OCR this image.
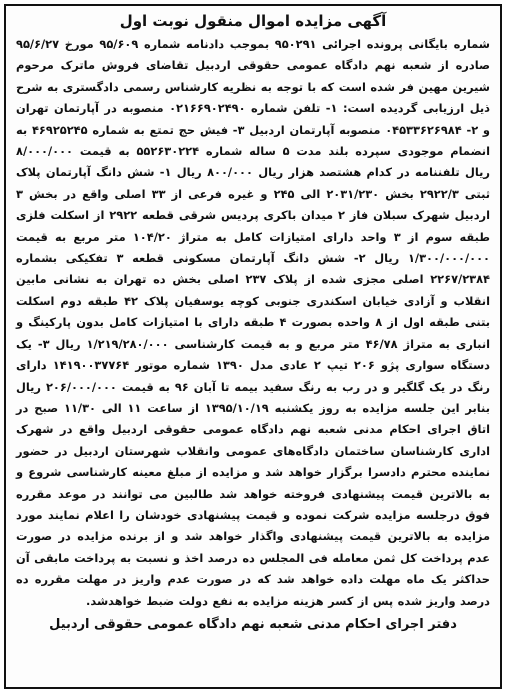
آگهی مزایده اموال منقول نوبت اول

شماره بایگانی پرونده اجرائی ۹۵۰۲۹۱ بموجب دادنامه شماره ۹۵/۶۰۹ مورخ ۹۵/۶/۲۷ صادره از شعبه نهم دادگاه عمومی حقوقی اردبیل تقاضای فروش ماترک مرحوم شیرین مهین فر شده است که با توجه به نظریه کارشناس رسمی دادگستری به شرح ذیل ارزیابی گردیده است: ۱- تلفن شماره ۰۲۱۶۶۹۰۲۴۹۰ منصوبه در آپارتمان تهران و ۲- ۰۴۵۳۳۶۲۶۹۸۴ منصوبه آپارتمان اردبیل ۳- فیش حج تمتع به شماره ۴۶۹۲۵۲۴۵ به انضمام موجودی سپرده بلند مدت ۵ ساله شماره ۵۵۲۶۳۰۲۲۴ به قیمت ۸/۰۰۰/۰۰۰ ریال تلفننامه در کدام هشتصد هزار ریال ۸۰۰/۰۰۰ ریال ۱- شش دانگ آپارتمان پلاک ثبتی ۲۹۲۲/۳ بخش ۲۰۳۱/۲۳۰ الی ۲۴۵ و غیره فرعی از ۳۳ اصلی واقع در بخش ۳ اردبیل شهرک سبلان فاز ۲ میدان باکری پردیس شرقی قطعه ۲۹۲۲ از اسکلت فلزی طبقه سوم از ۳ واحد دارای امتیازات کامل به متراژ ۱۰۴/۲۰ متر مربع به قیمت ۱/۳۰۰/۰۰۰/۰۰۰ ریال ۲- شش دانگ آپارتمان مسکونی قطعه ۳ تفکیکی بشماره ۲۲۶۷/۲۳۸۴ اصلی مجزی شده از پلاک ۲۳۷ اصلی بخش ده تهران به نشانی مابین انقلاب و آزادی خیابان اسکندری جنوبی کوچه یوسفیان پلاک ۴۲ طبقه دوم اسکلت بتنی طبقه اول از ۸ واحده بصورت ۴ طبقه دارای با امتیازات کامل بدون پارکینگ و انباری به متراژ ۴۶/۷۸ متر مربع و به قیمت کارشناسی ۱/۲۱۹/۲۸۰/۰۰۰ ریال ۳- یک دستگاه سواری پژو ۲۰۶ تیپ ۲ عادی مدل ۱۳۹۰ شماره موتور ۱۴۱۹۰۰۳۷۷۶۴ دارای رنگ در یک گلگیر و در رب به رنگ سفید بیمه تا آبان ۹۶ به قیمت ۲۰۶/۰۰۰/۰۰۰ ریال بنابر این جلسه مزایده به روز یکشنبه ۱۳۹۵/۱۰/۱۹ از ساعت ۱۱ الی ۱۱/۳۰ صبح در اتاق اجرای احکام مدنی شعبه نهم دادگاه عمومی حقوقی اردبیل واقع در شهرک اداری کارشناسان ساختمان دادگاه‌های عمومی وانقلاب شهرستان اردبیل در حضور نماینده محترم دادسرا برگزار خواهد شد و مزایده از مبلغ معینه کارشناسی شروع و به بالاترین قیمت پیشنهادی فروخته خواهد شد طالبین می توانند در موعد مقرره فوق درجلسه مزایده شرکت نموده و قیمت پیشنهادی خودشان را اعلام نمایند مورد مزایده به بالاترین قیمت پیشنهادی واگذار خواهد شد و از برنده مزایده در صورت عدم پرداخت کل ثمن معامله فی المجلس ده درصد اخذ و نسبت به پرداخت مابقی آن حداکثر یک ماه مهلت داده خواهد شد که در صورت عدم واریز در مهلت مقرره ده درصد واریز شده پس از کسر هزینه مزایده به نفع دولت ضبط خواهدشد.

دفتر اجرای احکام مدنی شعبه نهم دادگاه عمومی حقوقی اردبیل
